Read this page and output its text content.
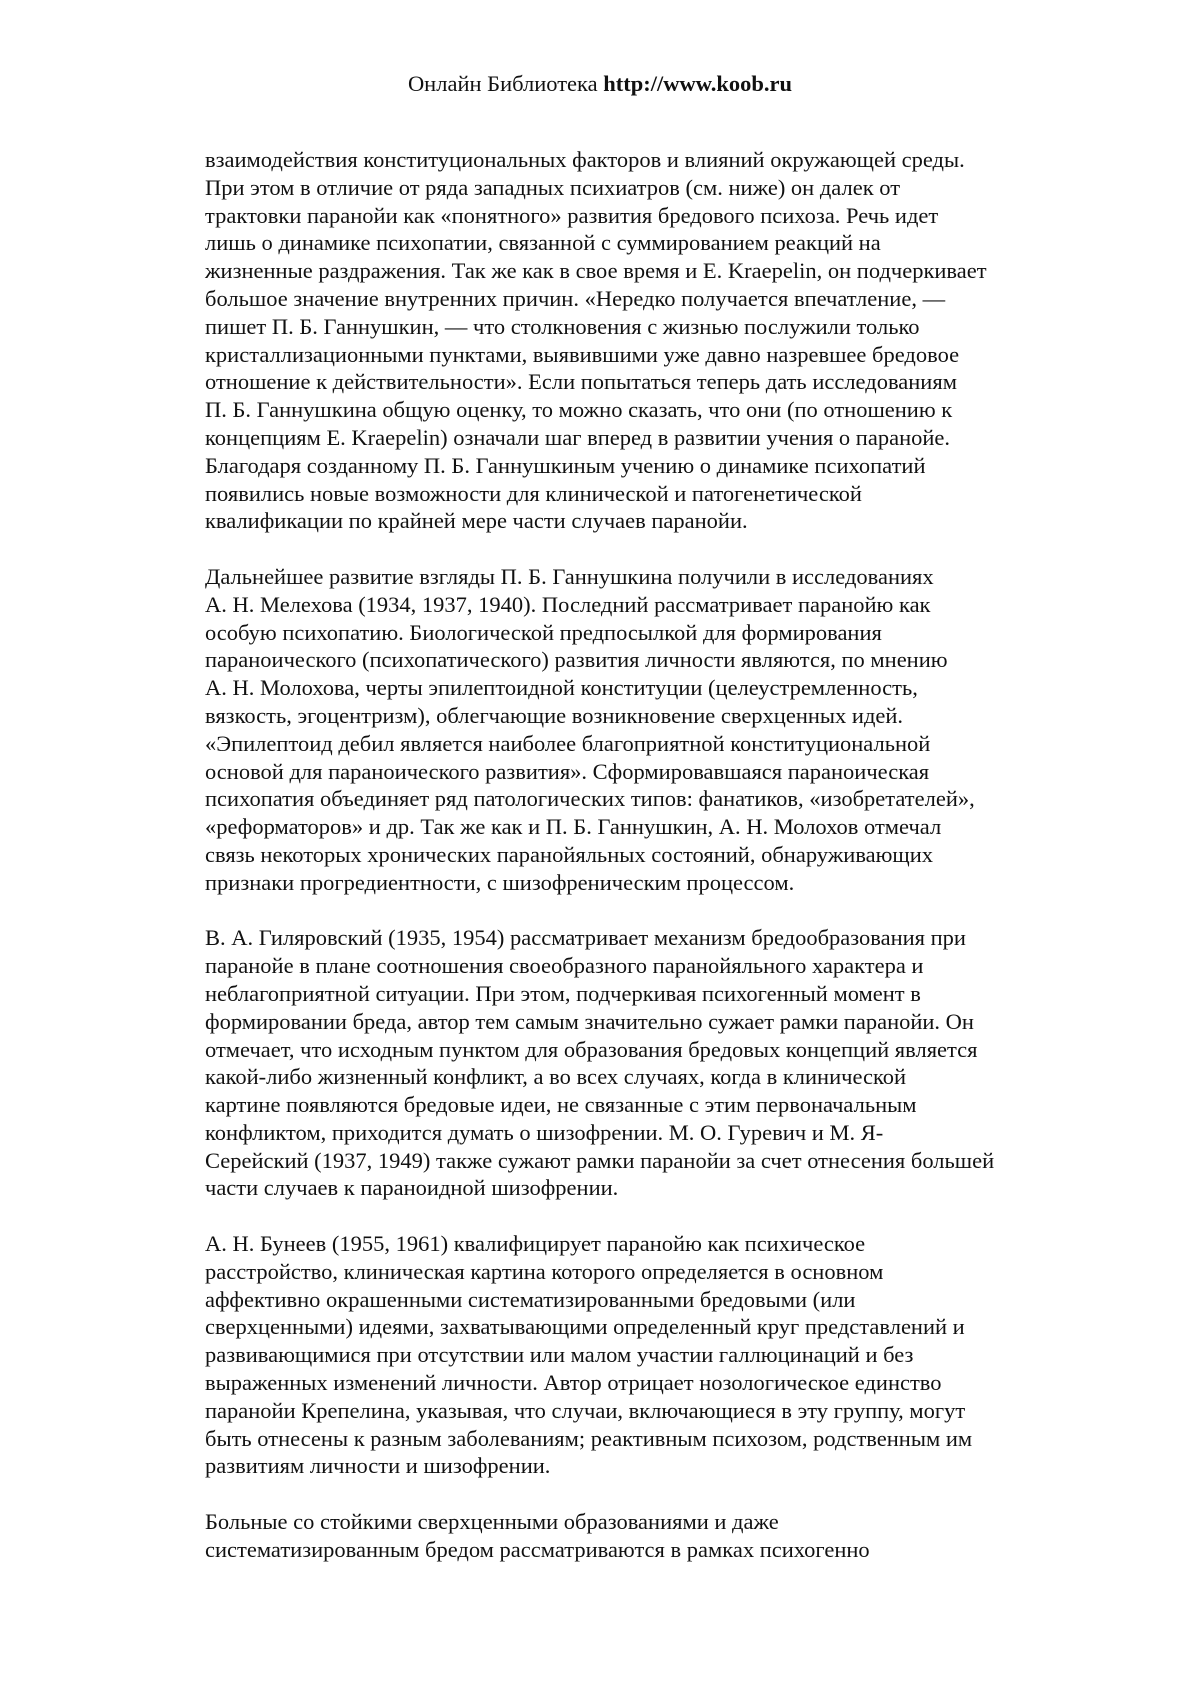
Онлайн Библиотека http://www.koob.ru
взаимодействия конституциональных факторов и влияний окружающей среды.
При этом в отличие от ряда западных психиатров (см. ниже) он далек от
трактовки паранойи как «понятного» развития бредового психоза. Речь идет
лишь о динамике психопатии, связанной с суммированием реакций на
жизненные раздражения. Так же как в свое время и E. Kraepelin, он подчеркивает
большое значение внутренних причин. «Нередко получается впечатление, —
пишет П. Б. Ганнушкин, — что столкновения с жизнью послужили только
кристаллизационными пунктами, выявившими уже давно назревшее бредовое
отношение к действительности». Если попытаться теперь дать исследованиям
П. Б. Ганнушкина общую оценку, то можно сказать, что они (по отношению к
концепциям E. Kraepelin) означали шаг вперед в развитии учения о паранойе.
Благодаря созданному П. Б. Ганнушкиным учению о динамике психопатий
появились новые возможности для клинической и патогенетической
квалификации по крайней мере части случаев паранойи.
Дальнейшее развитие взгляды П. Б. Ганнушкина получили в исследованиях
А. Н. Мелехова (1934, 1937, 1940). Последний рассматривает паранойю как
особую психопатию. Биологической предпосылкой для формирования
параноического (психопатического) развития личности являются, по мнению
А. Н. Молохова, черты эпилептоидной конституции (целеустремленность,
вязкость, эгоцентризм), облегчающие возникновение сверхценных идей.
«Эпилептоид дебил является наиболее благоприятной конституциональной
основой для параноического развития». Сформировавшаяся параноическая
психопатия объединяет ряд патологических типов: фанатиков, «изобретателей»,
«реформаторов» и др. Так же как и П. Б. Ганнушкин, А. Н. Молохов отмечал
связь некоторых хронических паранойяльных состояний, обнаруживающих
признаки прогредиентности, с шизофреническим процессом.
В. А. Гиляровский (1935, 1954) рассматривает механизм бредообразования при
паранойе в плане соотношения своеобразного паранойяльного характера и
неблагоприятной ситуации. При этом, подчеркивая психогенный момент в
формировании бреда, автор тем самым значительно сужает рамки паранойи. Он
отмечает, что исходным пунктом для образования бредовых концепций является
какой-либо жизненный конфликт, а во всех случаях, когда в клинической
картине появляются бредовые идеи, не связанные с этим первоначальным
конфликтом, приходится думать о шизофрении. М. О. Гуревич и М. Я-
Серейский (1937, 1949) также сужают рамки паранойи за счет отнесения большей
части случаев к параноидной шизофрении.
А. Н. Бунеев (1955, 1961) квалифицирует паранойю как психическое
расстройство, клиническая картина которого определяется в основном
аффективно окрашенными систематизированными бредовыми (или
сверхценными) идеями, захватывающими определенный круг представлений и
развивающимися при отсутствии или малом участии галлюцинаций и без
выраженных изменений личности. Автор отрицает нозологическое единство
паранойи Крепелина, указывая, что случаи, включающиеся в эту группу, могут
быть отнесены к разным заболеваниям; реактивным психозом, родственным им
развитиям личности и шизофрении.
Больные со стойкими сверхценными образованиями и даже
систематизированным бредом рассматриваются в рамках психогенно
